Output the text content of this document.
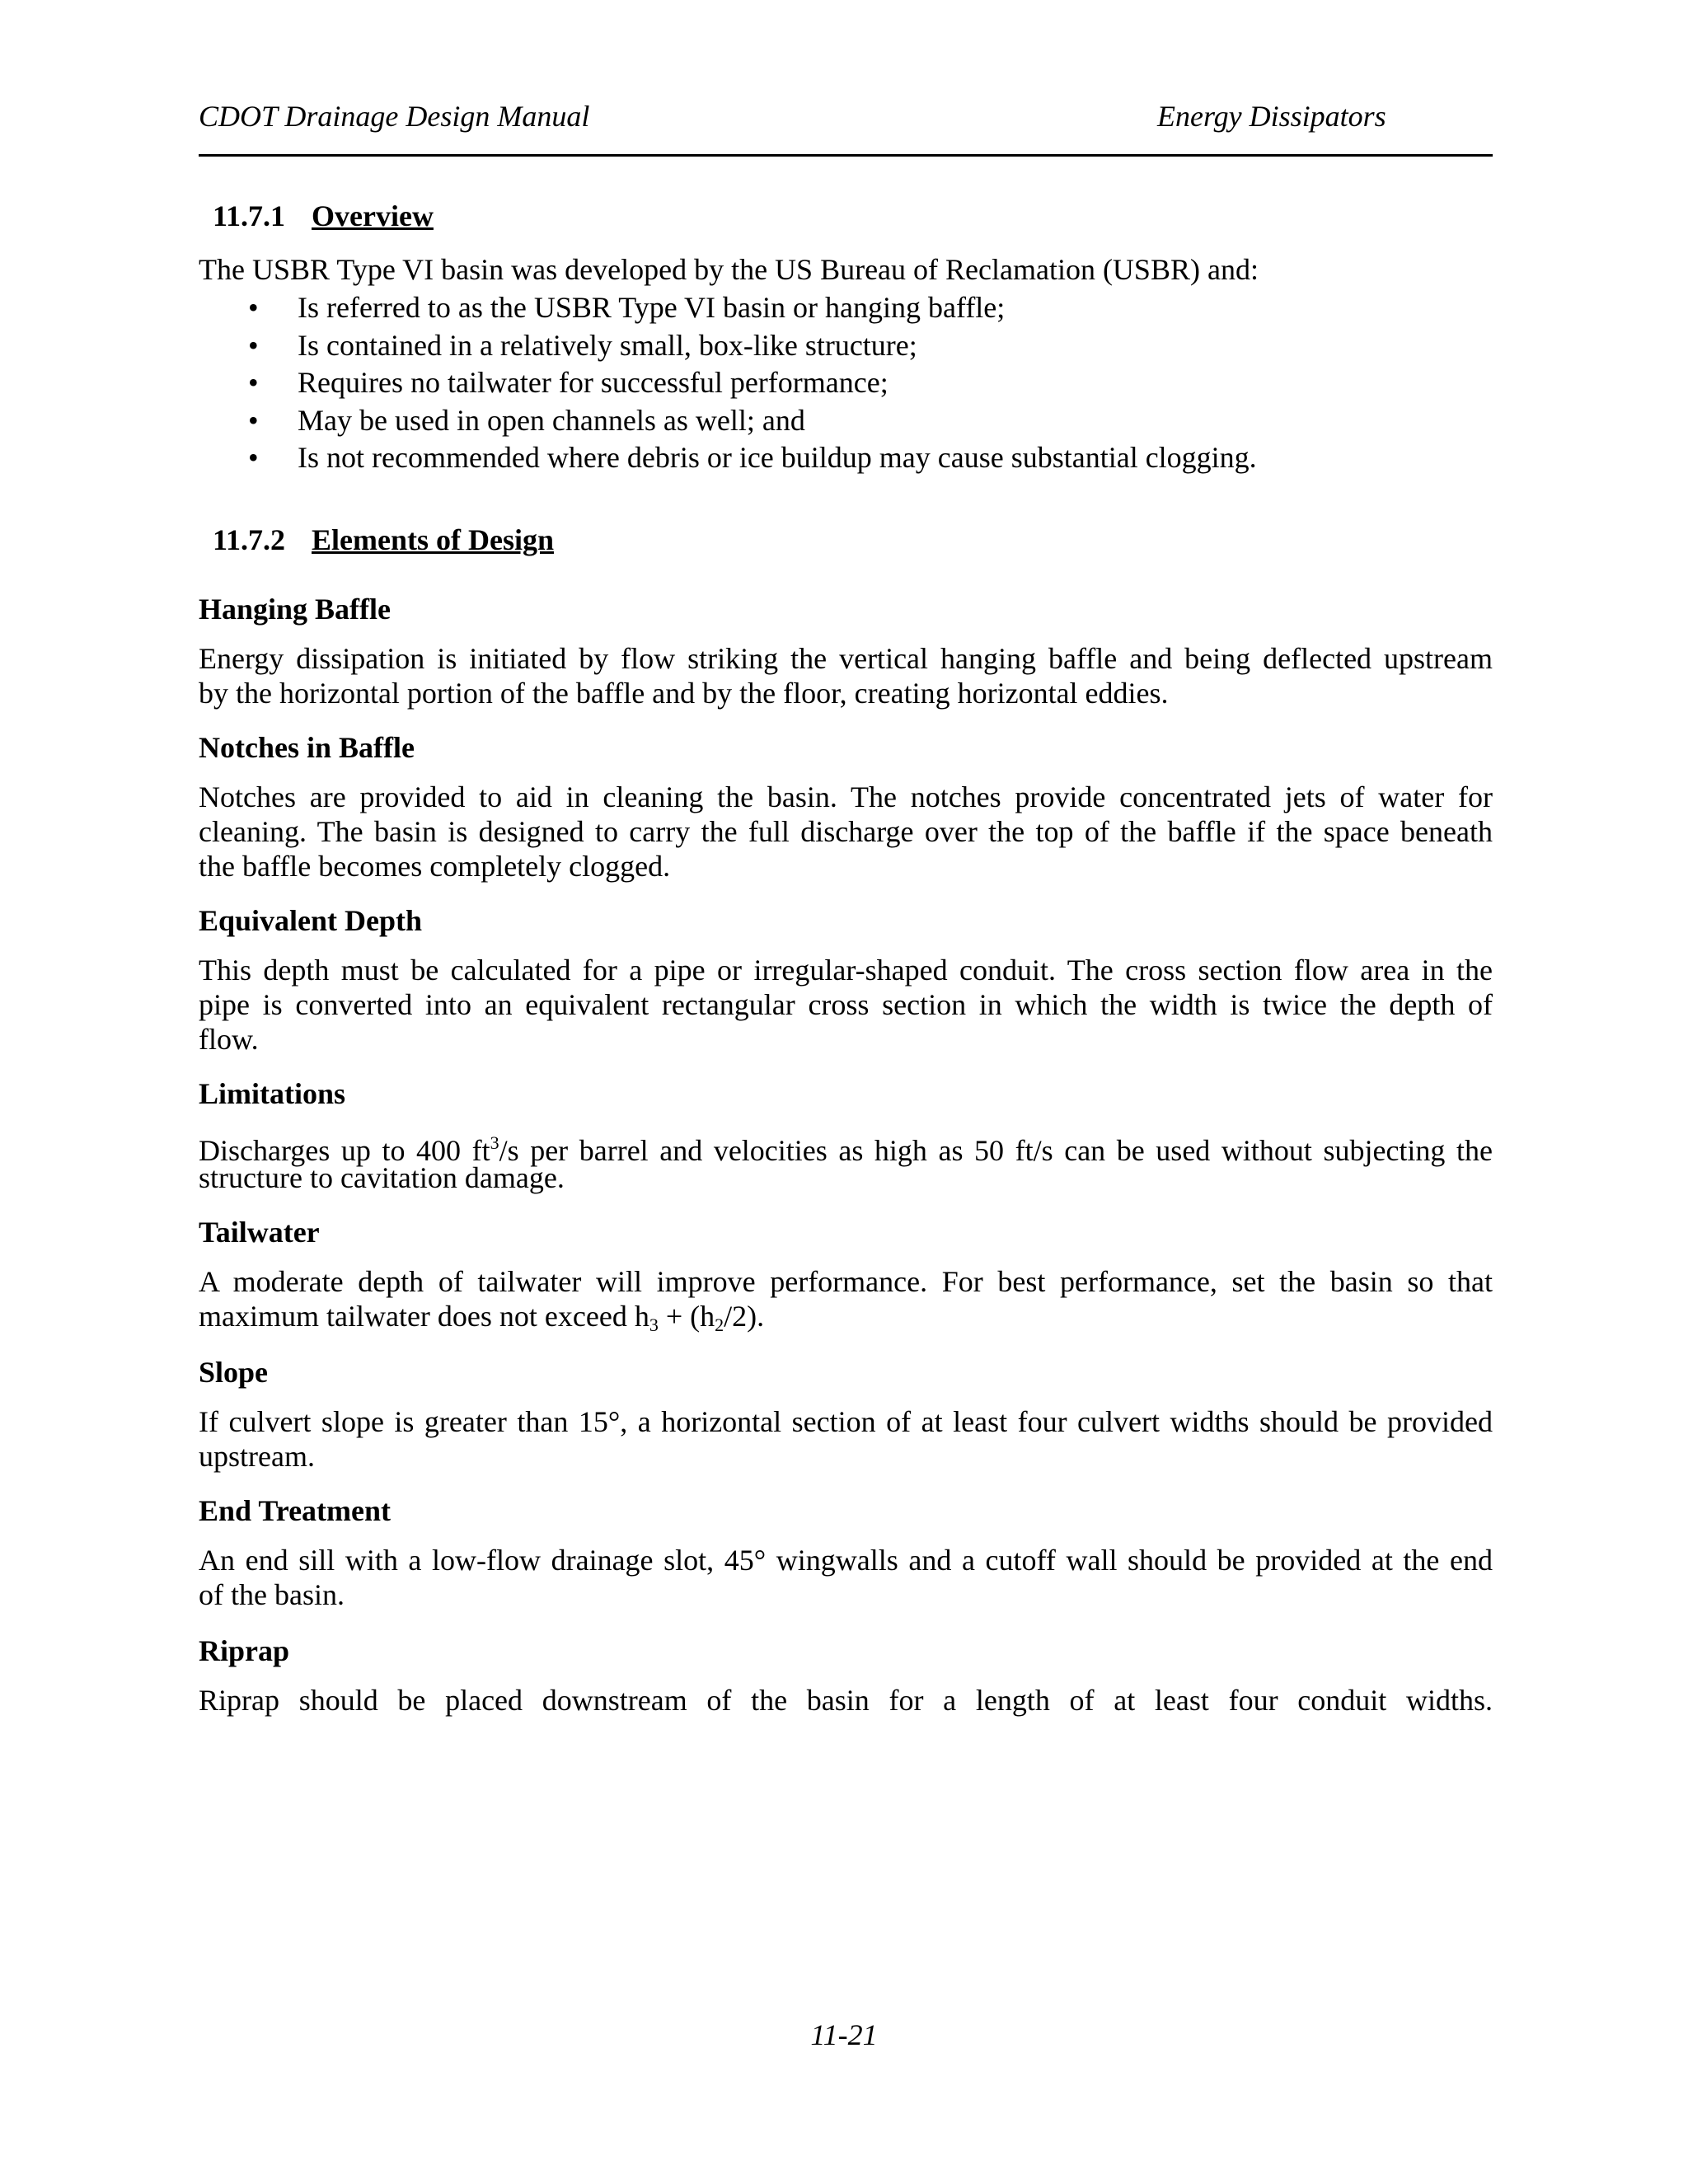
CDOT Drainage Design Manual	Energy Dissipators
11.7.1 Overview
The USBR Type VI basin was developed by the US Bureau of Reclamation (USBR) and:
• Is referred to as the USBR Type VI basin or hanging baffle;
• Is contained in a relatively small, box-like structure;
• Requires no tailwater for successful performance;
• May be used in open channels as well; and
• Is not recommended where debris or ice buildup may cause substantial clogging.
11.7.2 Elements of Design
Hanging Baffle
Energy dissipation is initiated by flow striking the vertical hanging baffle and being deflected upstream
by the horizontal portion of the baffle and by the floor, creating horizontal eddies.
Notches in Baffle
Notches are provided to aid in cleaning the basin. The notches provide concentrated jets of water for
cleaning. The basin is designed to carry the full discharge over the top of the baffle if the space beneath
the baffle becomes completely clogged.
Equivalent Depth
This depth must be calculated for a pipe or irregular-shaped conduit. The cross section flow area in the
pipe is converted into an equivalent rectangular cross section in which the width is twice the depth of
flow.
Limitations
Discharges up to 400 $ft^3/s$ per barrel and velocities as high as 50 ft/s can be used without subjecting the
structure to cavitation damage.
Tailwater
A moderate depth of tailwater will improve performance. For best performance, set the basin so that
maximum tailwater does not exceed h3 + (h2/2).
Slope
If culvert slope is greater than 15°, a horizontal section of at least four culvert widths should be provided
upstream.
End Treatment
An end sill with a low-flow drainage slot, 45° wingwalls and a cutoff wall should be provided at the end
of the basin.
Riprap
Riprap should be placed downstream of the basin for a length of at least four conduit widths.
11-21
